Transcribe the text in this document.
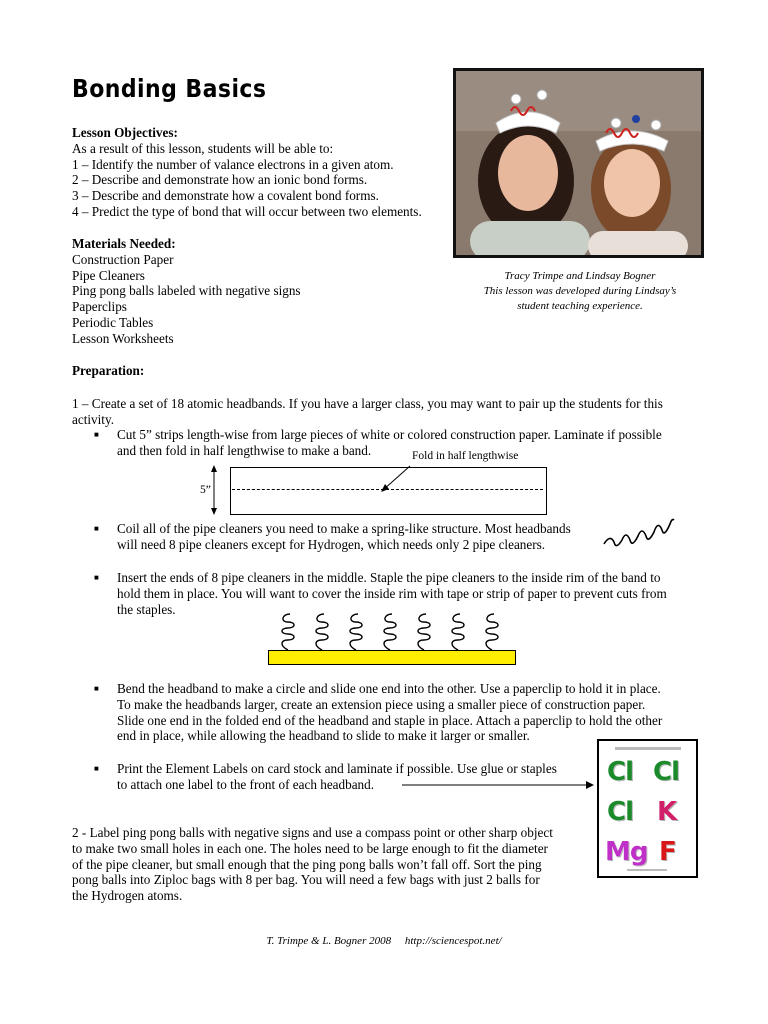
Bonding Basics
Lesson Objectives:
As a result of this lesson, students will be able to:
1 – Identify the number of valance electrons in a given atom.
2 – Describe and demonstrate how an ionic bond forms.
3 – Describe and demonstrate how a covalent bond forms.
4 – Predict the type of bond that will occur between two elements.
Materials Needed:
Construction Paper
Pipe Cleaners
Ping pong balls labeled with negative signs
Paperclips
Periodic Tables
Lesson Worksheets
Tracy Trimpe and Lindsay Bogner
This lesson was developed during Lindsay’s
student teaching experience.
Preparation:
1 – Create a set of 18 atomic headbands. If you have a larger class, you may want to pair up the students for this
activity.
■ Cut 5” strips length-wise from large pieces of white or colored construction paper. Laminate if possible
and then fold in half lengthwise to make a band.	Fold in half lengthwise
5”
■ Coil all of the pipe cleaners you need to make a spring-like structure. Most headbands
will need 8 pipe cleaners except for Hydrogen, which needs only 2 pipe cleaners.
■ Insert the ends of 8 pipe cleaners in the middle. Staple the pipe cleaners to the inside rim of the band to
hold them in place. You will want to cover the inside rim with tape or strip of paper to prevent cuts from
the staples.
■ Bend the headband to make a circle and slide one end into the other. Use a paperclip to hold it in place.
To make the headbands larger, create an extension piece using a smaller piece of construction paper.
Slide one end in the folded end of the headband and staple in place. Attach a paperclip to hold the other
end in place, while allowing the headband to slide to make it larger or smaller.
■ Print the Element Labels on card stock and laminate if possible. Use glue or staples
to attach one label to the front of each headband.	Cl Cl
Cl K
Mg F
2 - Label ping pong balls with negative signs and use a compass point or other sharp object
to make two small holes in each one. The holes need to be large enough to fit the diameter
of the pipe cleaner, but small enough that the ping pong balls won’t fall off. Sort the ping
pong balls into Ziploc bags with 8 per bag. You will need a few bags with just 2 balls for
the Hydrogen atoms.
T. Trimpe & L. Bogner 2008 http://sciencespot.net/
